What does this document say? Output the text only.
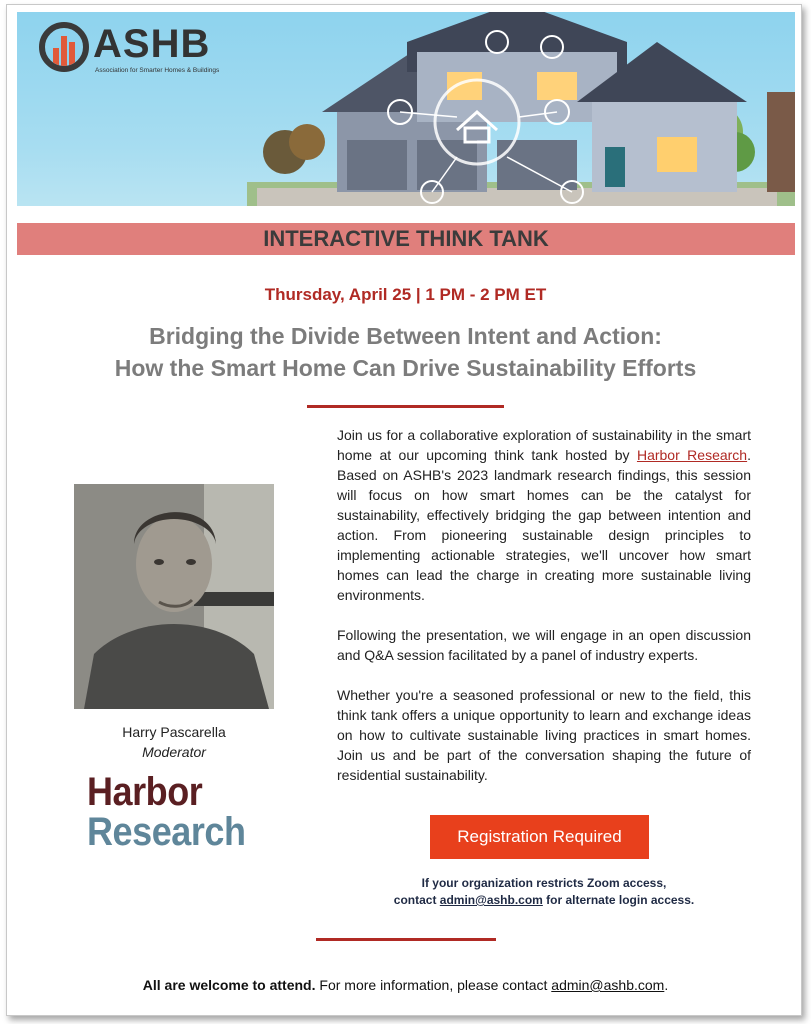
ASHB
Association for Smarter Homes & Buildings
INTERACTIVE THINK TANK
Thursday, April 25 | 1 PM - 2 PM ET
Bridging the Divide Between Intent and Action:
How the Smart Home Can Drive Sustainability Efforts
Harry Pascarella
Moderator
Harbor
Research

Join us for a collaborative exploration of sustainability in the smart home at our upcoming think tank hosted by Harbor Research. Based on ASHB's 2023 landmark research findings, this session will focus on how smart homes can be the catalyst for sustainability, effectively bridging the gap between intention and action. From pioneering sustainable design principles to implementing actionable strategies, we'll uncover how smart homes can lead the charge in creating more sustainable living environments.

Following the presentation, we will engage in an open discussion and Q&A session facilitated by a panel of industry experts.

Whether you're a seasoned professional or new to the field, this think tank offers a unique opportunity to learn and exchange ideas on how to cultivate sustainable living practices in smart homes. Join us and be part of the conversation shaping the future of residential sustainability.

Registration Required
If your organization restricts Zoom access,
contact admin@ashb.com for alternate login access.
All are welcome to attend. For more information, please contact admin@ashb.com.
